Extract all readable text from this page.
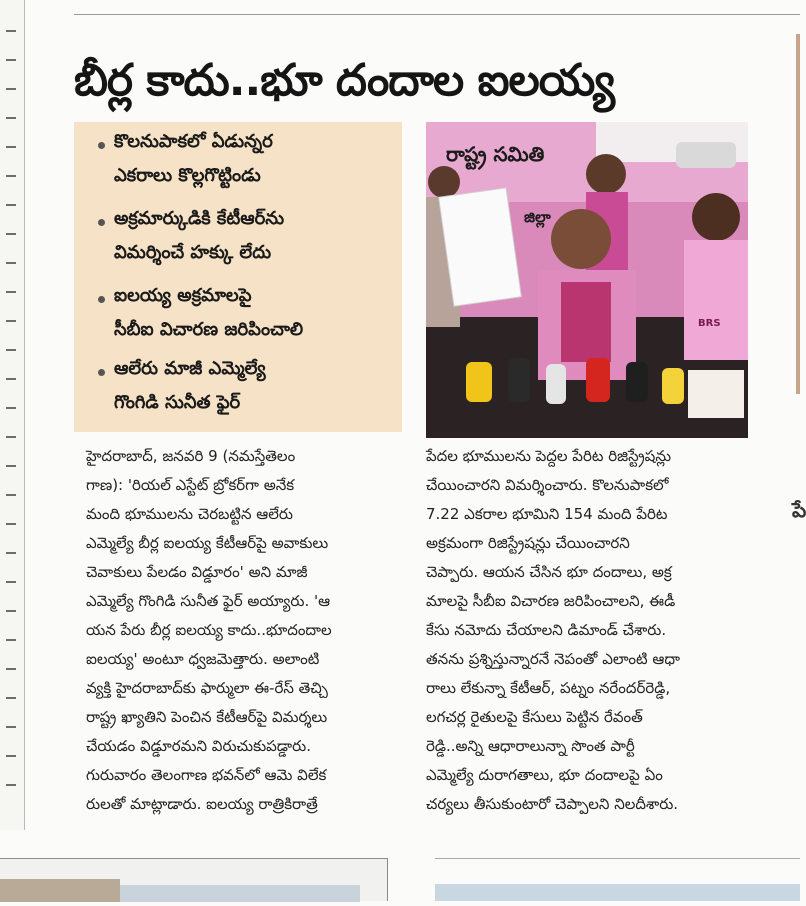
పే
బీర్ల కాదు..భూ దందాల ఐలయ్య
కొలనుపాకలో ఏడున్నర
ఎకరాలు కొల్లగొట్టిండు
అక్రమార్కుడికి కేటీఆర్‌ను
విమర్శించే హక్కు లేదు
ఐలయ్య అక్రమాలపై
సీబీఐ విచారణ జరిపించాలి
ఆలేరు మాజీ ఎమ్మెల్యే
గొంగిడి సునీత ఫైర్
రాష్ట్ర సమితి
జిల్లా
BRS
హైదరాబాద్, జనవరి 9 (నమస్తేతెలం
గాణ): 'రియల్ ఎస్టేట్ బ్రోకర్‌గా అనేక
మంది భూములను చెరబట్టిన ఆలేరు
ఎమ్మెల్యే బీర్ల ఐలయ్య కేటీఆర్‌పై అవాకులు
చెవాకులు పేలడం విడ్డూరం' అని మాజీ
ఎమ్మెల్యే గొంగిడి సునీత ఫైర్ అయ్యారు. 'ఆ
యన పేరు బీర్ల ఐలయ్య కాదు..భూదందాల
ఐలయ్య' అంటూ ధ్వజమెత్తారు. అలాంటి
వ్యక్తి హైదరాబాద్‌కు ఫార్ములా ఈ-రేస్ తెచ్చి
రాష్ట్ర ఖ్యాతిని పెంచిన కేటీఆర్‌పై విమర్శలు
చేయడం విడ్డూరమని విరుచుకుపడ్డారు.
గురువారం తెలంగాణ భవన్‌లో ఆమె విలేక
రులతో మాట్లాడారు. ఐలయ్య రాత్రికిరాత్రే
పేదల భూములను పెద్దల పేరిట రిజిస్ట్రేషన్లు
చేయించారని విమర్శించారు. కొలనుపాకలో
7.22 ఎకరాల భూమిని 154 మంది పేరిట
అక్రమంగా రిజిస్ట్రేషన్లు చేయించారని
చెప్పారు. ఆయన చేసిన భూ దందాలు, అక్ర
మాలపై సీబీఐ విచారణ జరిపించాలని, ఈడీ
కేసు నమోదు చేయాలని డిమాండ్ చేశారు.
తనను ప్రశ్నిస్తున్నారనే నెపంతో ఎలాంటి ఆధా
రాలు లేకున్నా కేటీఆర్, పట్నం నరేందర్‌రెడ్డి,
లగచర్ల రైతులపై కేసులు పెట్టిన రేవంత్
రెడ్డి..అన్ని ఆధారాలున్నా సొంత పార్టీ
ఎమ్మెల్యే దురాగతాలు, భూ దందాలపై ఏం
చర్యలు తీసుకుంటారో చెప్పాలని నిలదీశారు.
